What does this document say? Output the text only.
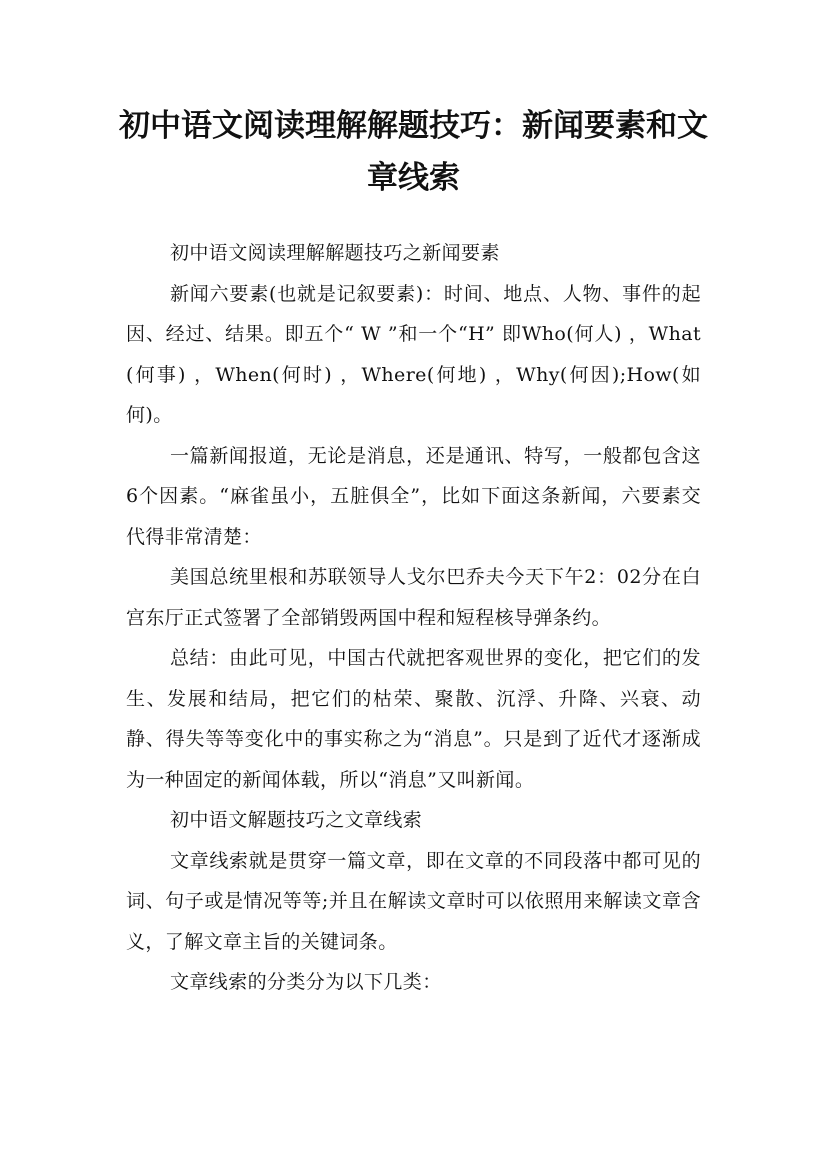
初中语文阅读理解解题技巧：新闻要素和文章线索

初中语文阅读理解解题技巧之新闻要素

新闻六要素(也就是记叙要素)：时间、地点、人物、事件的起因、经过、结果。即五个“ W ”和一个“H” 即Who(何人) ，What(何事) ，When(何时) ，Where(何地) ，Why(何因);How(如何)。

一篇新闻报道，无论是消息，还是通讯、特写，一般都包含这6个因素。“麻雀虽小，五脏俱全”，比如下面这条新闻，六要素交代得非常清楚：

美国总统里根和苏联领导人戈尔巴乔夫今天下午2：02分在白宫东厅正式签署了全部销毁两国中程和短程核导弹条约。

总结：由此可见，中国古代就把客观世界的变化，把它们的发生、发展和结局，把它们的枯荣、聚散、沉浮、升降、兴衰、动静、得失等等变化中的事实称之为“消息”。只是到了近代才逐渐成为一种固定的新闻体载，所以“消息”又叫新闻。

初中语文解题技巧之文章线索

文章线索就是贯穿一篇文章，即在文章的不同段落中都可见的词、句子或是情况等等;并且在解读文章时可以依照用来解读文章含义，了解文章主旨的关键词条。

文章线索的分类分为以下几类：
